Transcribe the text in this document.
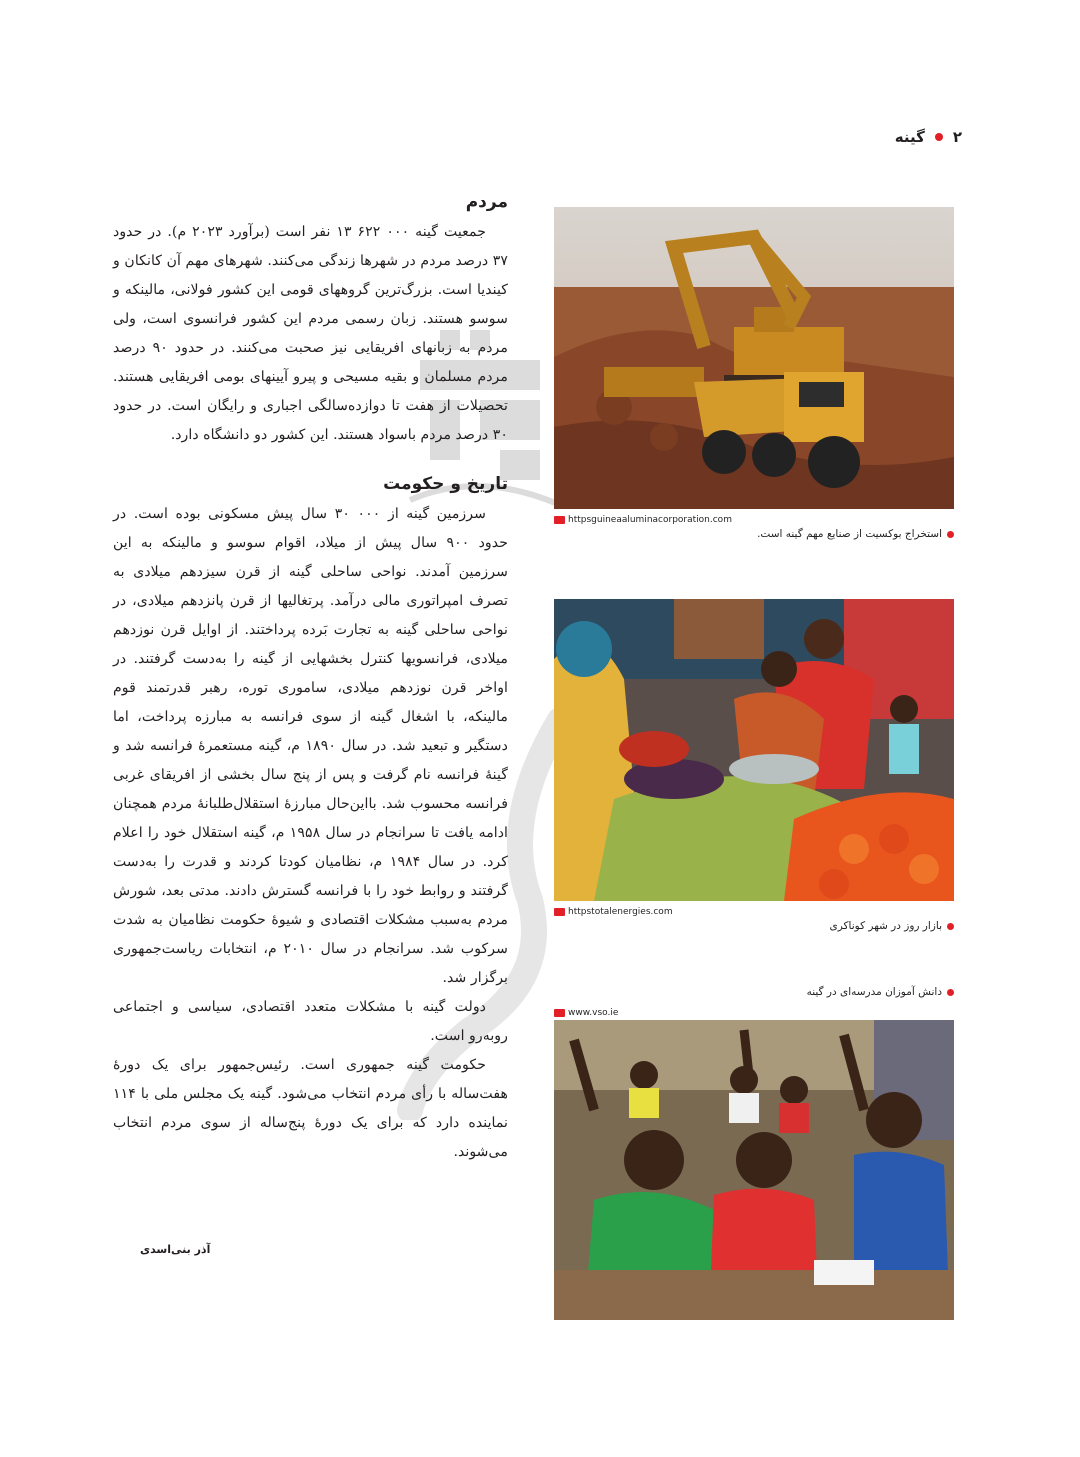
۲
گینه
مردم

جمعیت گینه ۰۰۰ ۶۲۲ ۱۳ نفر است (برآورد ۲۰۲۳ م). در حدود ۳۷ درصد مردم در شهرها زندگی می‌کنند. شهرهای مهم آن کانکان و کیندیا است. بزرگ‌ترین گروههای قومی این کشور فولانی، مالینکه و سوسو هستند. زبان رسمی مردم این کشور فرانسوی است، ولی مردم به زبانهای افریقایی نیز صحبت می‌کنند. در حدود ۹۰ درصد مردم مسلمان و بقیه مسیحی و پیرو آیینهای بومی افریقایی هستند. تحصیلات از هفت تا دوازده‌سالگی اجباری و رایگان است. در حدود ۳۰ درصد مردم باسواد هستند. این کشور دو دانشگاه دارد.

تاریخ و حکومت

سرزمین گینه از ۰۰۰ ۳۰ سال پیش مسکونی بوده است. در حدود ۹۰۰ سال پیش از میلاد، اقوام سوسو و مالینکه به این سرزمین آمدند. نواحی ساحلی گینه از قرن سیزدهم میلادی به تصرف امپراتوری مالی درآمد. پرتغالیها از قرن پانزدهم میلادی، در نواحی ساحلی گینه به تجارت بَرده پرداختند. از اوایل قرن نوزدهم میلادی، فرانسویها کنترل بخشهایی از گینه را به‌دست گرفتند. در اواخر قرن نوزدهم میلادی، ساموری توره، رهبر قدرتمند قوم مالینکه، با اشغال گینه از سوی فرانسه به مبارزه پرداخت، اما دستگیر و تبعید شد. در سال ۱۸۹۰ م، گینه مستعمرهٔ فرانسه شد و گینهٔ فرانسه نام گرفت و پس از پنج سال بخشی از افریقای غربی فرانسه محسوب شد. بااین‌حال مبارزهٔ استقلال‌طلبانهٔ مردم همچنان ادامه یافت تا سرانجام در سال ۱۹۵۸ م، گینه استقلال خود را اعلام کرد. در سال ۱۹۸۴ م، نظامیان کودتا کردند و قدرت را به‌دست گرفتند و روابط خود را با فرانسه گسترش دادند. مدتی بعد، شورش مردم به‌سبب مشکلات اقتصادی و شیوهٔ حکومت نظامیان به شدت سرکوب شد. سرانجام در سال ۲۰۱۰ م، انتخابات ریاست‌جمهوری برگزار شد.

دولت گینه با مشکلات متعدد اقتصادی، سیاسی و اجتماعی روبه‌رو است.

حکومت گینه جمهوری است. رئیس‌جمهور برای یک دورهٔ هفت‌ساله با رأی مردم انتخاب می‌شود. گینه یک مجلس ملی با ۱۱۴ نماینده دارد که برای یک دورهٔ پنج‌ساله از سوی مردم انتخاب می‌شوند.

آذر بنی‌اسدی
httpsguineaaluminacorporation.com
استخراج بوکسیت از صنایع مهم گینه است.
httpstotalenergies.com
بازار روز در شهر کوناکری
دانش آموزان مدرسه‌ای در گینه
www.vso.ie
